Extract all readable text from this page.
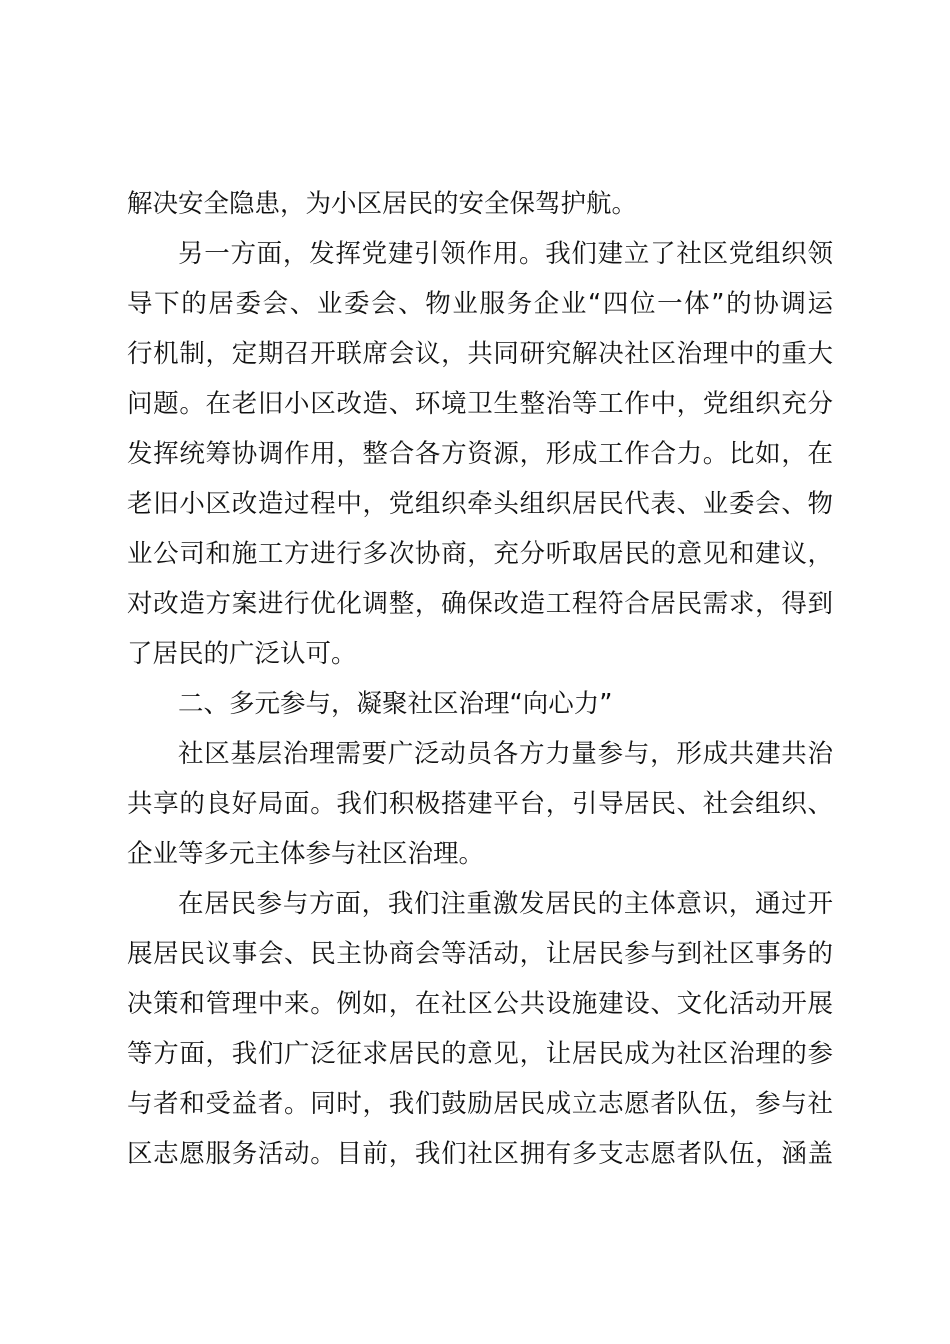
解决安全隐患，为小区居民的安全保驾护航。
另一方面，发挥党建引领作用。我们建立了社区党组织领
导下的居委会、业委会、物业服务企业“四位一体”的协调运
行机制，定期召开联席会议，共同研究解决社区治理中的重大
问题。在老旧小区改造、环境卫生整治等工作中，党组织充分
发挥统筹协调作用，整合各方资源，形成工作合力。比如，在
老旧小区改造过程中，党组织牵头组织居民代表、业委会、物
业公司和施工方进行多次协商，充分听取居民的意见和建议，
对改造方案进行优化调整，确保改造工程符合居民需求，得到
了居民的广泛认可。
二、多元参与，凝聚社区治理“向心力”
社区基层治理需要广泛动员各方力量参与，形成共建共治
共享的良好局面。我们积极搭建平台，引导居民、社会组织、
企业等多元主体参与社区治理。
在居民参与方面，我们注重激发居民的主体意识，通过开
展居民议事会、民主协商会等活动，让居民参与到社区事务的
决策和管理中来。例如，在社区公共设施建设、文化活动开展
等方面，我们广泛征求居民的意见，让居民成为社区治理的参
与者和受益者。同时，我们鼓励居民成立志愿者队伍，参与社
区志愿服务活动。目前，我们社区拥有多支志愿者队伍，涵盖
